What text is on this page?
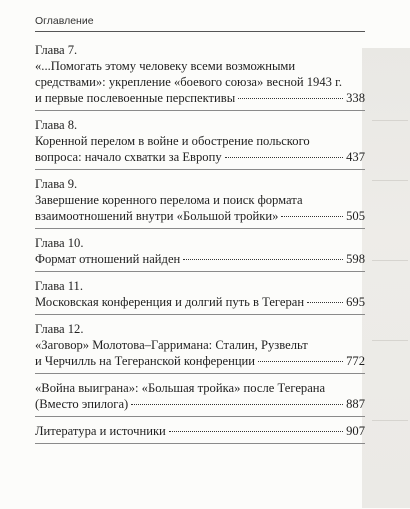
Оглавление
Глава 7.
«...Помогать этому человеку всеми возможными
средствами»: укрепление «боевого союза» весной 1943 г.
и первые послевоенные перспективы	338
Глава 8.
Коренной перелом в войне и обострение польского
вопроса: начало схватки за Европу	437
Глава 9.
Завершение коренного перелома и поиск формата
взаимоотношений внутри «Большой тройки»	505
Глава 10.
Формат отношений найден	598
Глава 11.
Московская конференция и долгий путь в Тегеран	695
Глава 12.
«Заговор» Молотова–Гарримана: Сталин, Рузвельт
и Черчилль на Тегеранской конференции	772
«Война выиграна»: «Большая тройка» после Тегерана
(Вместо эпилога)	887
Литература и источники	907
